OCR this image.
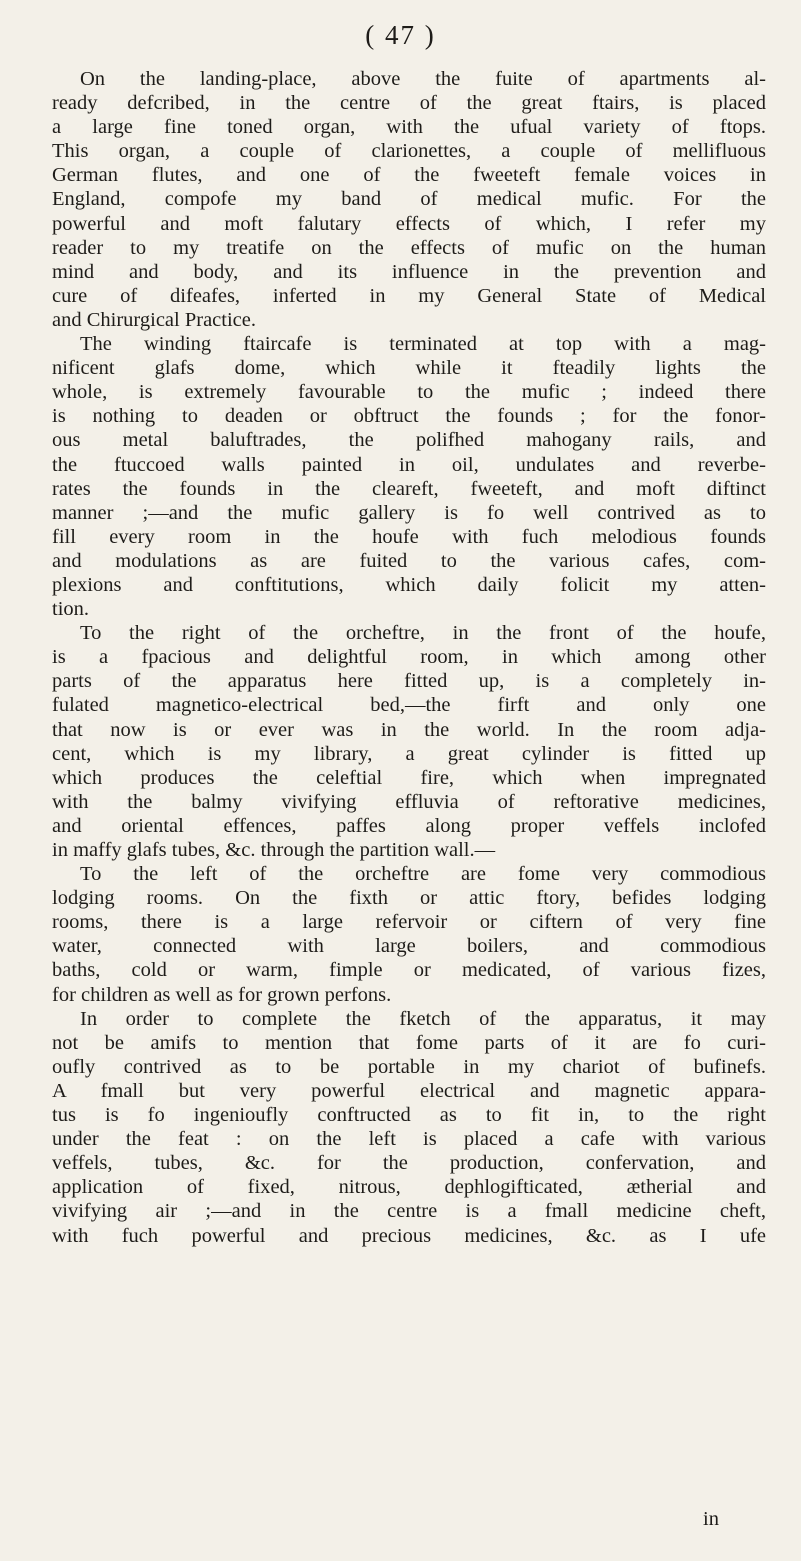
( 47 )
On the landing-place, above the fuite of apartments al-
ready defcribed, in the centre of the great ftairs, is placed
a large fine toned organ, with the ufual variety of ftops.
This organ, a couple of clarionettes, a couple of mellifluous
German flutes, and one of the fweeteft female voices in
England, compofe my band of medical mufic. For the
powerful and moft falutary effects of which, I refer my
reader to my treatife on the effects of mufic on the human
mind and body, and its influence in the prevention and
cure of difeafes, inferted in my General State of Medical
and Chirurgical Practice.
The winding ftaircafe is terminated at top with a mag-
nificent glafs dome, which while it fteadily lights the
whole, is extremely favourable to the mufic ; indeed there
is nothing to deaden or obftruct the founds ; for the fonor-
ous metal baluftrades, the polifhed mahogany rails, and
the ftuccoed walls painted in oil, undulates and reverbe-
rates the founds in the cleareft, fweeteft, and moft diftinct
manner ;—and the mufic gallery is fo well contrived as to
fill every room in the houfe with fuch melodious founds
and modulations as are fuited to the various cafes, com-
plexions and conftitutions, which daily folicit my atten-
tion.
To the right of the orcheftre, in the front of the houfe,
is a fpacious and delightful room, in which among other
parts of the apparatus here fitted up, is a completely in-
fulated magnetico-electrical bed,—the firft and only one
that now is or ever was in the world. In the room adja-
cent, which is my library, a great cylinder is fitted up
which produces the celeftial fire, which when impregnated
with the balmy vivifying effluvia of reftorative medicines,
and oriental effences, paffes along proper veffels inclofed
in maffy glafs tubes, &c. through the partition wall.—
To the left of the orcheftre are fome very commodious
lodging rooms. On the fixth or attic ftory, befides lodging
rooms, there is a large refervoir or ciftern of very fine
water, connected with large boilers, and commodious
baths, cold or warm, fimple or medicated, of various fizes,
for children as well as for grown perfons.
In order to complete the fketch of the apparatus, it may
not be amifs to mention that fome parts of it are fo curi-
oufly contrived as to be portable in my chariot of bufinefs.
A fmall but very powerful electrical and magnetic appara-
tus is fo ingenioufly conftructed as to fit in, to the right
under the feat : on the left is placed a cafe with various
veffels, tubes, &c. for the production, confervation, and
application of fixed, nitrous, dephlogifticated, ætherial and
vivifying air ;—and in the centre is a fmall medicine cheft,
with fuch powerful and precious medicines, &c. as I ufe
in
